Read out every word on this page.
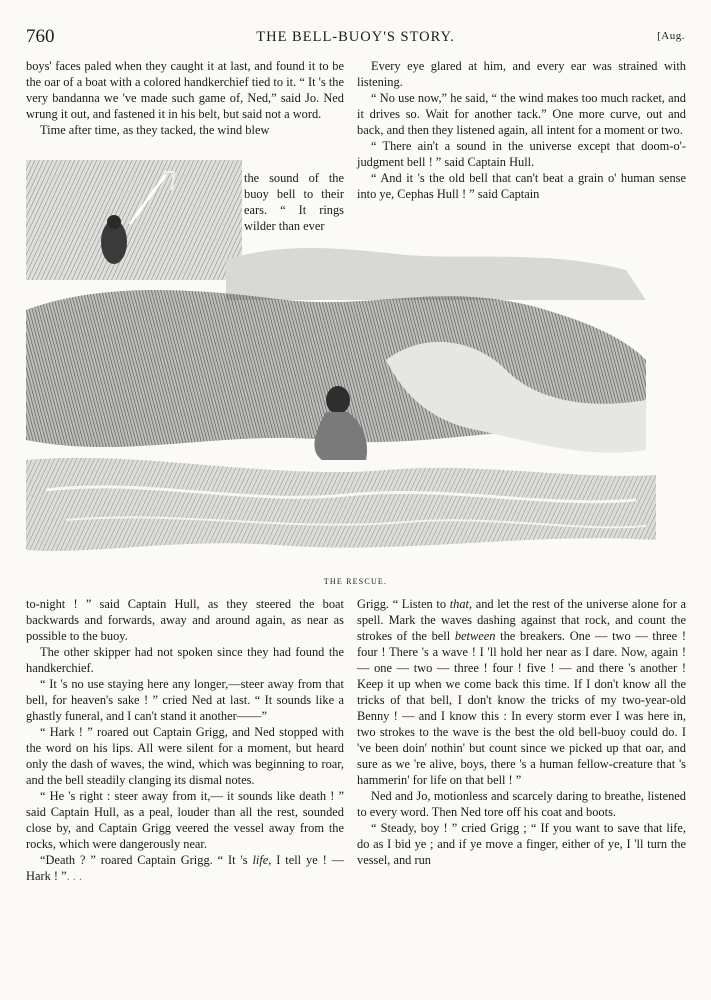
760	THE BELL-BUOY'S STORY.	[Aug.

boys' faces paled when they caught it at last, and found it to be the oar of a boat with a colored handkerchief tied to it. “ It 's the very bandanna we 've made such game of, Ned,” said Jo. Ned wrung it out, and fastened it in his belt, but said not a word.

Time after time, as they tacked, the wind blew

the sound of the buoy bell to their ears. “ It rings wilder than ever

Every eye glared at him, and every ear was strained with listening.

“ No use now,” he said, “ the wind makes too much racket, and it drives so. Wait for another tack.” One more curve, out and back, and then they listened again, all intent for a moment or two.

“ There ain't a sound in the universe except that doom-o'-judgment bell ! ” said Captain Hull.

“ And it 's the old bell that can't beat a grain o' human sense into ye, Cephas Hull ! ” said Captain

THE RESCUE.

to-night ! ” said Captain Hull, as they steered the boat backwards and forwards, away and around again, as near as possible to the buoy.

The other skipper had not spoken since they had found the handkerchief.

“ It 's no use staying here any longer,—steer away from that bell, for heaven's sake ! ” cried Ned at last. “ It sounds like a ghastly funeral, and I can't stand it another——”

“ Hark ! ” roared out Captain Grigg, and Ned stopped with the word on his lips. All were silent for a moment, but heard only the dash of waves, the wind, which was beginning to roar, and the bell steadily clanging its dismal notes.

“ He 's right : steer away from it,— it sounds like death ! ” said Captain Hull, as a peal, louder than all the rest, sounded close by, and Captain Grigg veered the vessel away from the rocks, which were dangerously near.

“Death ? ” roared Captain Grigg. “ It 's life, I tell ye ! — Hark ! ”. . .

Grigg. “ Listen to that, and let the rest of the universe alone for a spell. Mark the waves dashing against that rock, and count the strokes of the bell between the breakers. One — two — three ! four ! There 's a wave ! I 'll hold her near as I dare. Now, again ! — one — two — three ! four ! five ! — and there 's another ! Keep it up when we come back this time. If I don't know all the tricks of that bell, I don't know the tricks of my two-year-old Benny ! — and I know this : In every storm ever I was here in, two strokes to the wave is the best the old bell-buoy could do. I 've been doin' nothin' but count since we picked up that oar, and sure as we 're alive, boys, there 's a human fellow-creature that 's hammerin' for life on that bell ! ”

Ned and Jo, motionless and scarcely daring to breathe, listened to every word. Then Ned tore off his coat and boots.

“ Steady, boy ! ” cried Grigg ; “ If you want to save that life, do as I bid ye ; and if ye move a finger, either of ye, I 'll turn the vessel, and run
